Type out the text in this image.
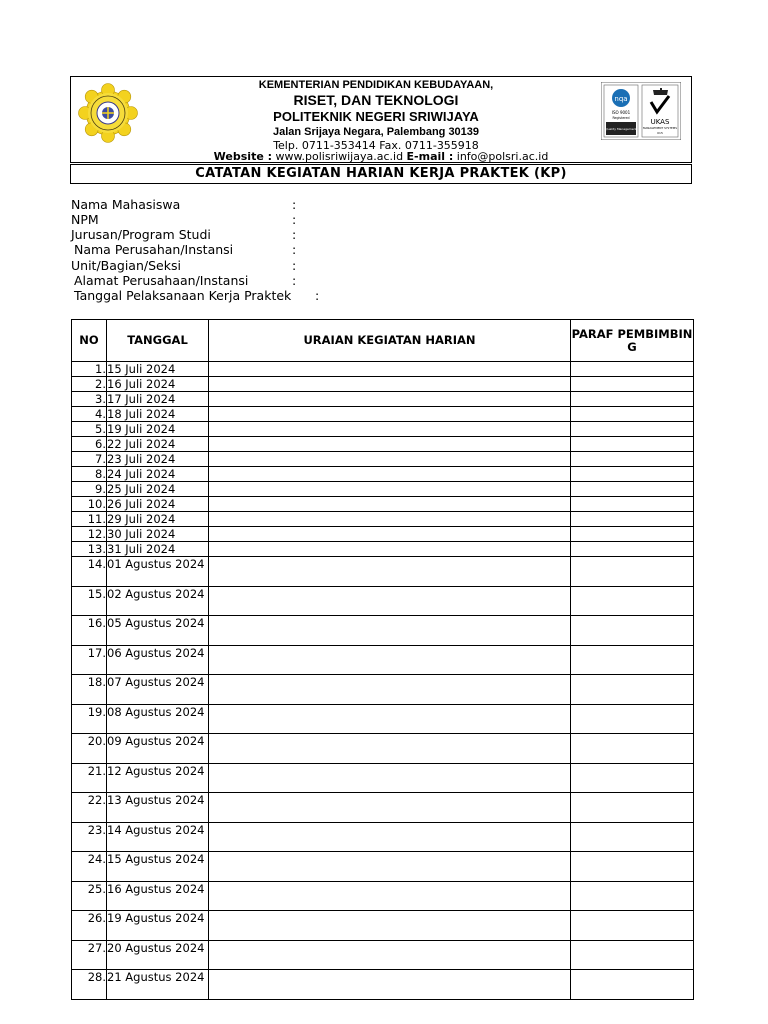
KEMENTERIAN PENDIDIKAN KEBUDAYAAN,
RISET, DAN TEKNOLOGI
POLITEKNIK NEGERI SRIWIJAYA
Jalan Srijaya Negara, Palembang 30139
Telp. 0711-353414 Fax. 0711-355918
Website : www.polisriwijaya.ac.id E-mail : info@polsri.ac.id
nqa
ISO 9001
Registered
Quality Management
UKAS
MANAGEMENT SYSTEMS
015
CATATAN KEGIATAN HARIAN KERJA PRAKTEK (KP)
Nama Mahasiswa	:
NPM	:
Jurusan/Program Studi	:
Nama Perusahan/Instansi	:
Unit/Bagian/Seksi	:
Alamat Perusahaan/Instansi	:
Tanggal Pelaksanaan Kerja Praktek :
NO	TANGGAL	URAIAN KEGIATAN HARIAN	PARAF PEMBIMBIN G
1.	15 Juli 2024		
2.	16 Juli 2024		
3.	17 Juli 2024		
4.	18 Juli 2024		
5.	19 Juli 2024		
6.	22 Juli 2024		
7.	23 Juli 2024		
8.	24 Juli 2024		
9.	25 Juli 2024		
10.	26 Juli 2024		
11.	29 Juli 2024		
12.	30 Juli 2024		
13.	31 Juli 2024		
14.	01 Agustus 2024		
15.	02 Agustus 2024		
16.	05 Agustus 2024		
17.	06 Agustus 2024		
18.	07 Agustus 2024		
19.	08 Agustus 2024		
20.	09 Agustus 2024		
21.	12 Agustus 2024		
22.	13 Agustus 2024		
23.	14 Agustus 2024		
24.	15 Agustus 2024		
25.	16 Agustus 2024		
26.	19 Agustus 2024		
27.	20 Agustus 2024		
28.	21 Agustus 2024		
